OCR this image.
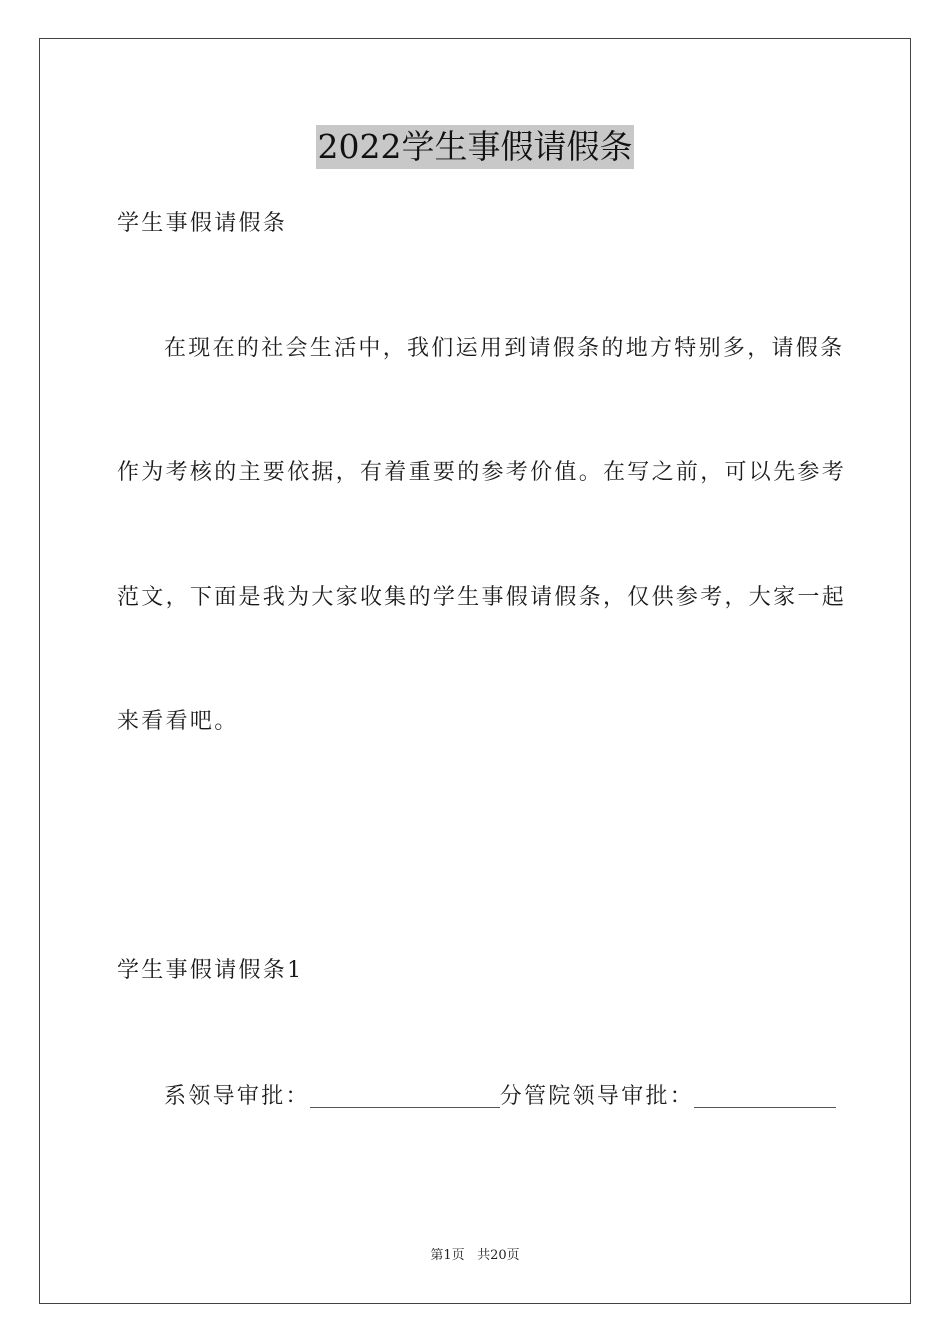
2022学生事假请假条
学生事假请假条
在现在的社会生活中，我们运用到请假条的地方特别多，请假条
作为考核的主要依据，有着重要的参考价值。在写之前，可以先参考
范文，下面是我为大家收集的学生事假请假条，仅供参考，大家一起
来看看吧。
学生事假请假条1
系领导审批：	分管院领导审批：
第1页 共20页
